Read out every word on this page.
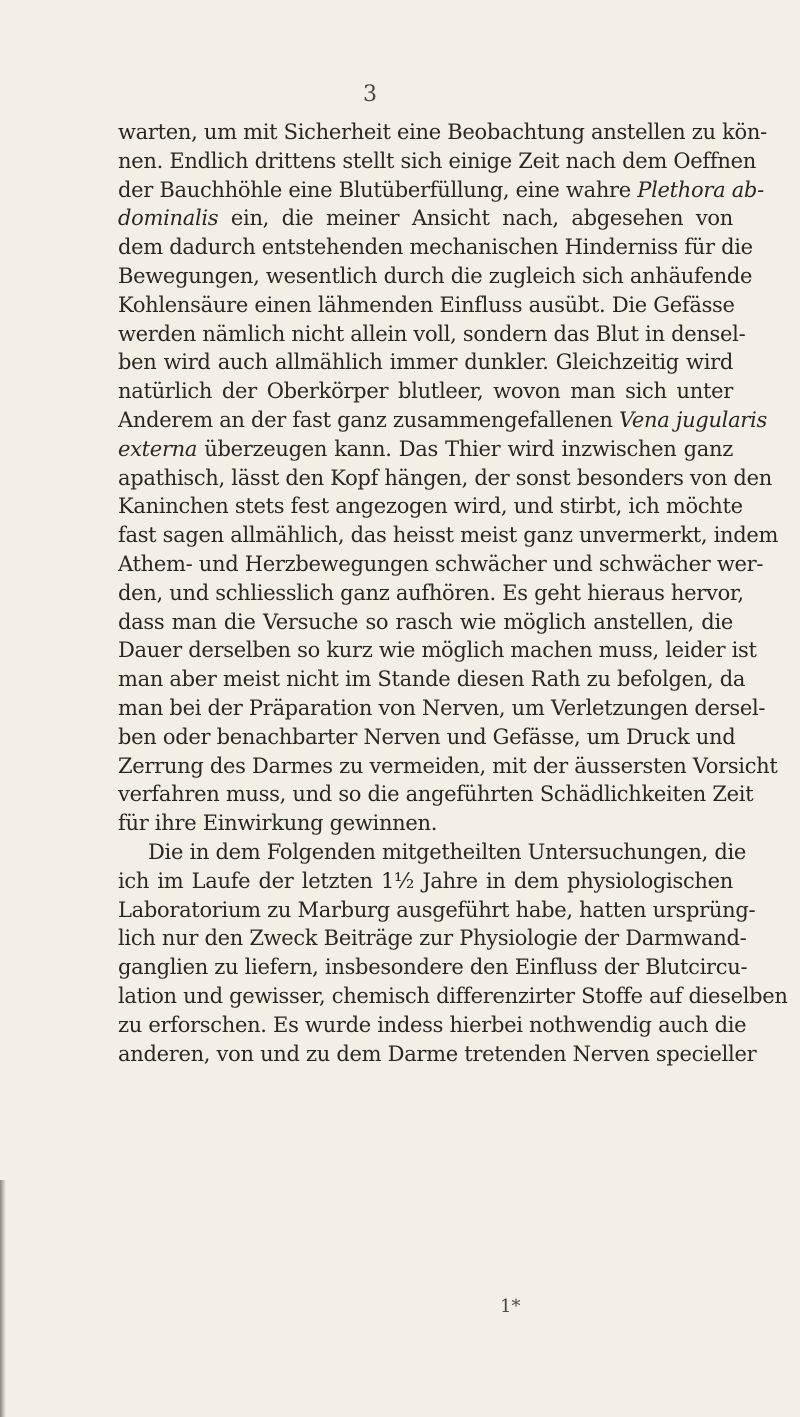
3
warten, um mit Sicherheit eine Beobachtung anstellen zu kön-
nen. Endlich drittens stellt sich einige Zeit nach dem Oeffnen
der Bauchhöhle eine Blutüberfüllung, eine wahre Plethora ab-
dominalis ein, die meiner Ansicht nach, abgesehen von
dem dadurch entstehenden mechanischen Hinderniss für die
Bewegungen, wesentlich durch die zugleich sich anhäufende
Kohlensäure einen lähmenden Einfluss ausübt. Die Gefässe
werden nämlich nicht allein voll, sondern das Blut in densel-
ben wird auch allmählich immer dunkler. Gleichzeitig wird
natürlich der Oberkörper blutleer, wovon man sich unter
Anderem an der fast ganz zusammengefallenen Vena jugularis
externa überzeugen kann. Das Thier wird inzwischen ganz
apathisch, lässt den Kopf hängen, der sonst besonders von den
Kaninchen stets fest angezogen wird, und stirbt, ich möchte
fast sagen allmählich, das heisst meist ganz unvermerkt, indem
Athem- und Herzbewegungen schwächer und schwächer wer-
den, und schliesslich ganz aufhören. Es geht hieraus hervor,
dass man die Versuche so rasch wie möglich anstellen, die
Dauer derselben so kurz wie möglich machen muss, leider ist
man aber meist nicht im Stande diesen Rath zu befolgen, da
man bei der Präparation von Nerven, um Verletzungen dersel-
ben oder benachbarter Nerven und Gefässe, um Druck und
Zerrung des Darmes zu vermeiden, mit der äussersten Vorsicht
verfahren muss, und so die angeführten Schädlichkeiten Zeit
für ihre Einwirkung gewinnen.
Die in dem Folgenden mitgetheilten Untersuchungen, die
ich im Laufe der letzten 1½ Jahre in dem physiologischen
Laboratorium zu Marburg ausgeführt habe, hatten ursprüng-
lich nur den Zweck Beiträge zur Physiologie der Darmwand-
ganglien zu liefern, insbesondere den Einfluss der Blutcircu-
lation und gewisser, chemisch differenzirter Stoffe auf dieselben
zu erforschen. Es wurde indess hierbei nothwendig auch die
anderen, von und zu dem Darme tretenden Nerven specieller
1*
